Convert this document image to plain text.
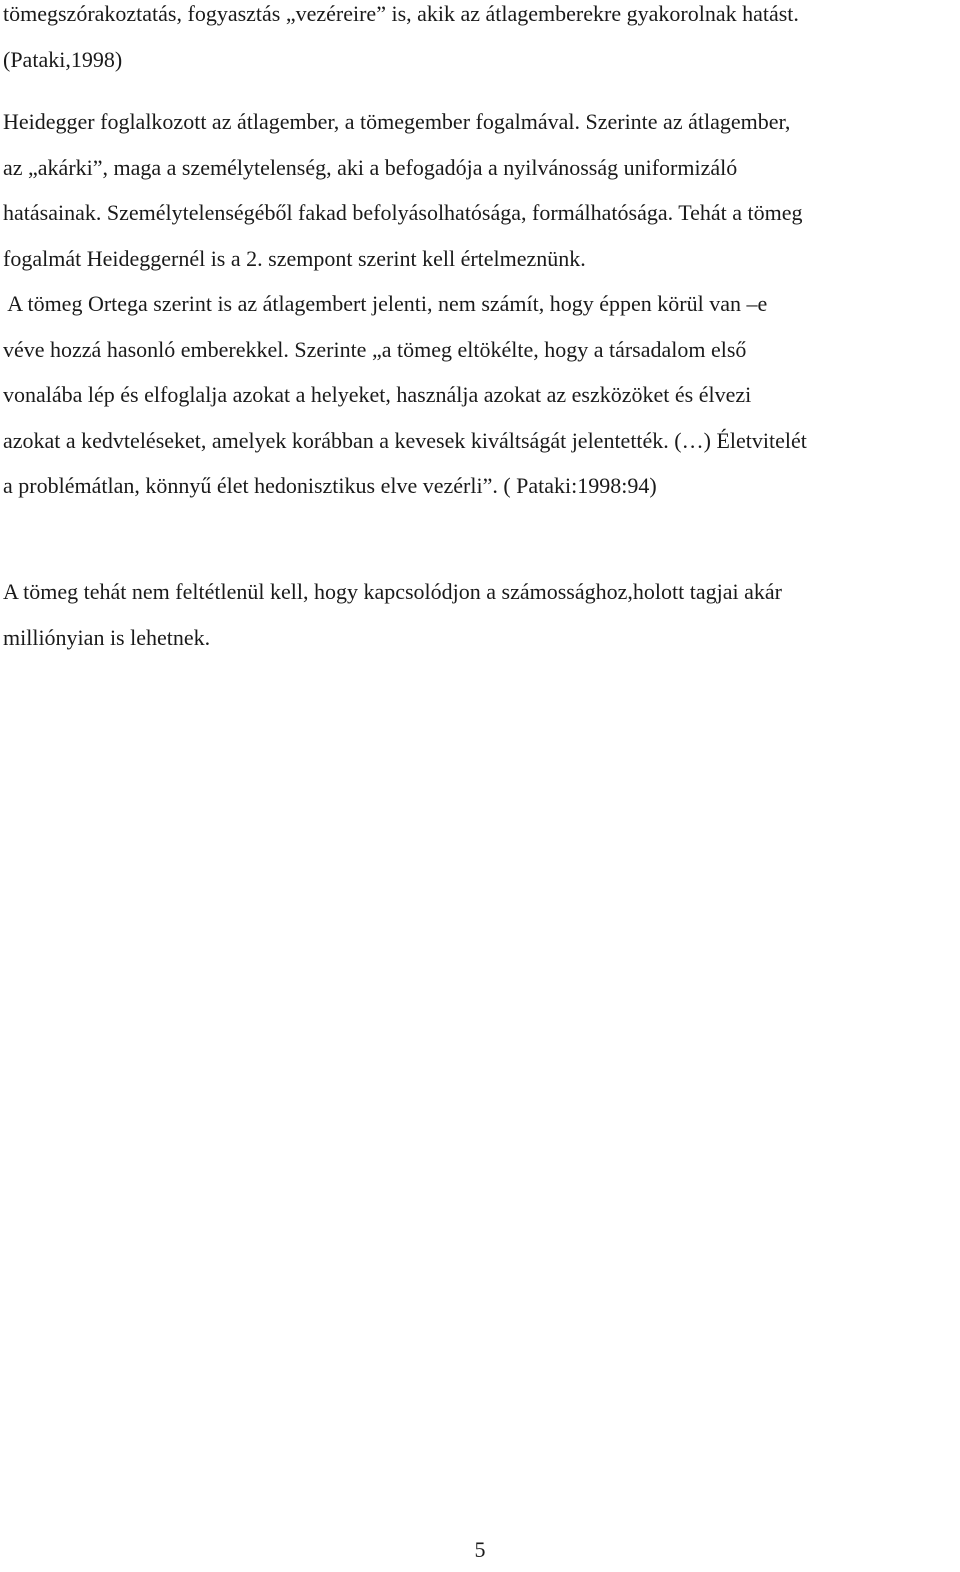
tömegszórakoztatás, fogyasztás „vezéreire” is, akik az átlagemberekre gyakorolnak hatást.
(Pataki,1998)

Heidegger foglalkozott az átlagember, a tömegember fogalmával. Szerinte az átlagember,
az „akárki”, maga a személytelenség, aki a befogadója a nyilvánosság uniformizáló
hatásainak. Személytelenségéből fakad befolyásolhatósága, formálhatósága. Tehát a tömeg
fogalmát Heideggernél is a 2. szempont szerint kell értelmeznünk.
A tömeg Ortega szerint is az átlagembert jelenti, nem számít, hogy éppen körül van –e
véve hozzá hasonló emberekkel. Szerinte „a tömeg eltökélte, hogy a társadalom első
vonalába lép és elfoglalja azokat a helyeket, használja azokat az eszközöket és élvezi
azokat a kedvteléseket, amelyek korábban a kevesek kiváltságát jelentették. (…) Életvitelét
a problémátlan, könnyű élet hedonisztikus elve vezérli”. ( Pataki:1998:94)

A tömeg tehát nem feltétlenül kell, hogy kapcsolódjon a számossághoz,holott tagjai akár
milliónyian is lehetnek.

5
